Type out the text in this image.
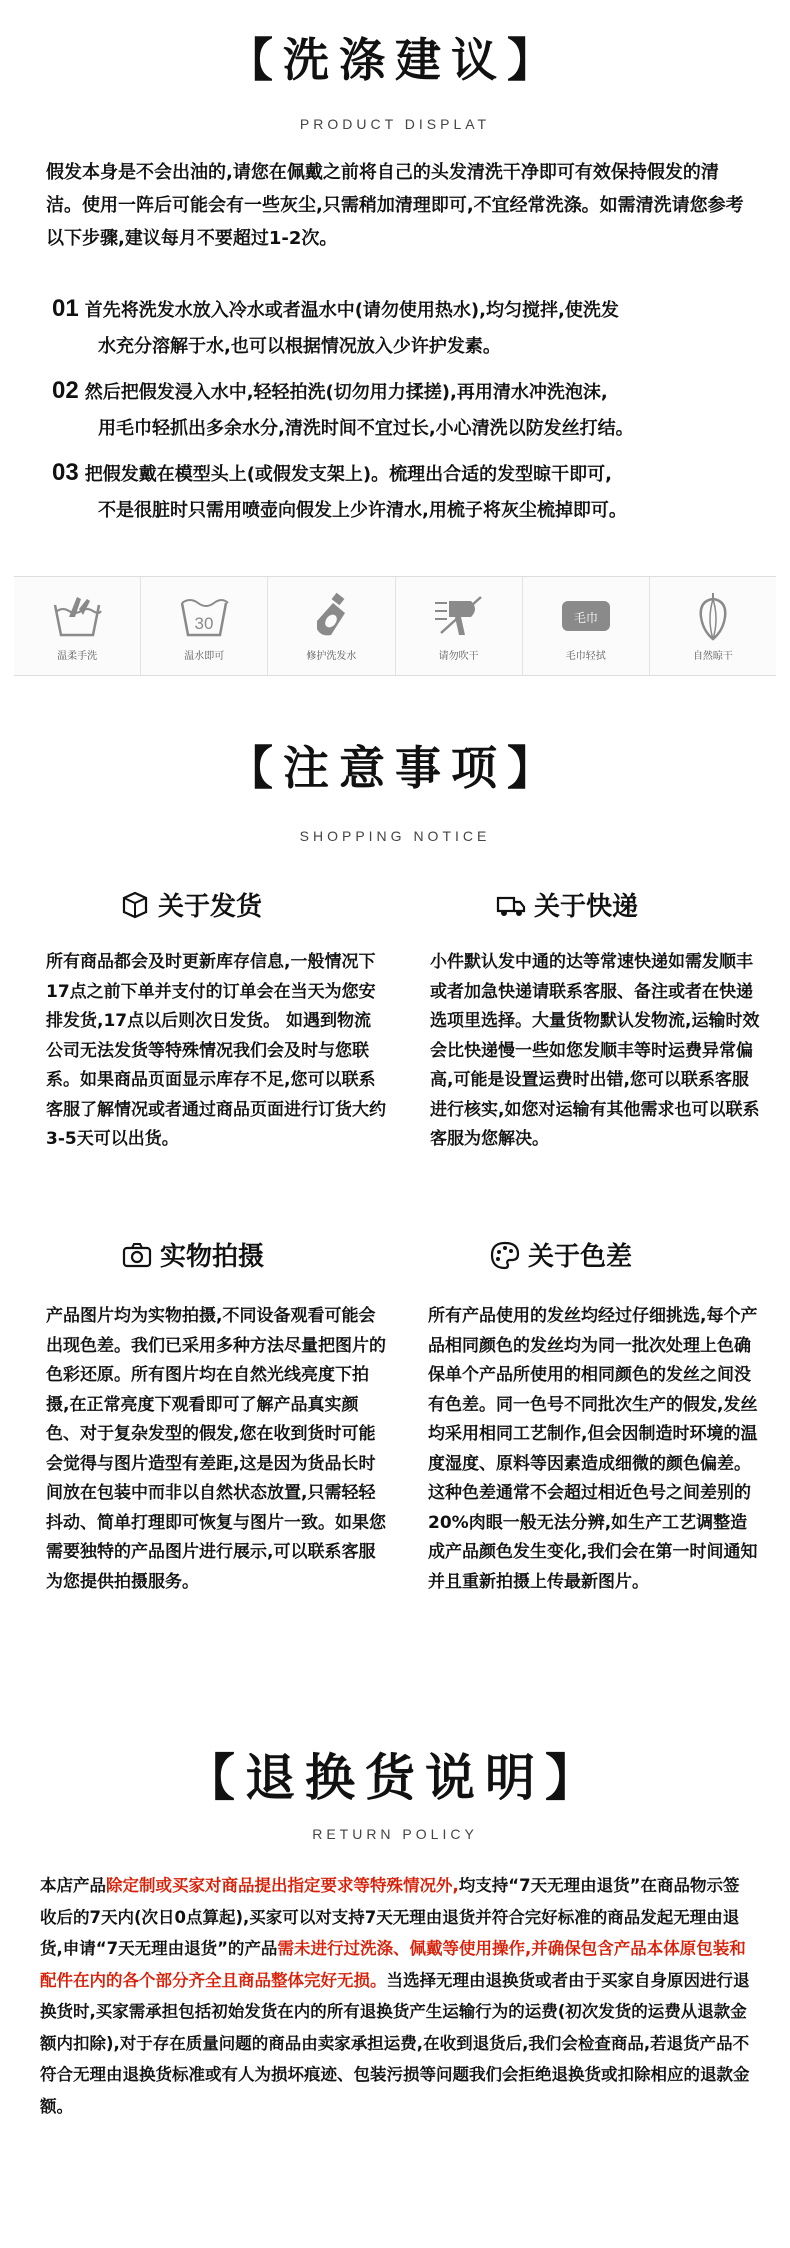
【洗涤建议】
PRODUCT DISPLAT
假发本身是不会出油的,请您在佩戴之前将自己的头发清洗干净即可有效保持假发的清洁。使用一阵后可能会有一些灰尘,只需稍加清理即可,不宜经常洗涤。如需清洗请您参考以下步骤,建议每月不要超过1-2次。
01 首先将洗发水放入冷水或者温水中(请勿使用热水),均匀搅拌,使洗发
水充分溶解于水,也可以根据情况放入少许护发素。
02 然后把假发浸入水中,轻轻拍洗(切勿用力揉搓),再用清水冲洗泡沫,
用毛巾轻抓出多余水分,清洗时间不宜过长,小心清洗以防发丝打结。
03 把假发戴在模型头上(或假发支架上)。梳理出合适的发型晾干即可,
不是很脏时只需用喷壶向假发上少许清水,用梳子将灰尘梳掉即可。
温柔手洗
30
温水即可	修护洗发水	请勿吹干
毛巾
毛巾轻拭	自然晾干
【注意事项】
SHOPPING NOTICE
关于发货
所有商品都会及时更新库存信息,一般情况下17点之前下单并支付的订单会在当天为您安排发货,17点以后则次日发货。 如遇到物流公司无法发货等特殊情况我们会及时与您联系。如果商品页面显示库存不足,您可以联系客服了解情况或者通过商品页面进行订货大约3-5天可以出货。
关于快递
小件默认发中通的达等常速快递如需发顺丰或者加急快递请联系客服、备注或者在快递选项里选择。大量货物默认发物流,运输时效会比快递慢一些如您发顺丰等时运费异常偏高,可能是设置运费时出错,您可以联系客服进行核实,如您对运输有其他需求也可以联系客服为您解决。
实物拍摄
产品图片均为实物拍摄,不同设备观看可能会出现色差。我们已采用多种方法尽量把图片的色彩还原。所有图片均在自然光线亮度下拍摄,在正常亮度下观看即可了解产品真实颜色、对于复杂发型的假发,您在收到货时可能会觉得与图片造型有差距,这是因为货品长时间放在包装中而非以自然状态放置,只需轻轻抖动、简单打理即可恢复与图片一致。如果您需要独特的产品图片进行展示,可以联系客服为您提供拍摄服务。
关于色差
所有产品使用的发丝均经过仔细挑选,每个产品相同颜色的发丝均为同一批次处理上色确保单个产品所使用的相同颜色的发丝之间没有色差。同一色号不同批次生产的假发,发丝均采用相同工艺制作,但会因制造时环境的温度湿度、原料等因素造成细微的颜色偏差。这种色差通常不会超过相近色号之间差别的20%肉眼一般无法分辨,如生产工艺调整造成产品颜色发生变化,我们会在第一时间通知并且重新拍摄上传最新图片。
【退换货说明】
RETURN POLICY
本店产品除定制或买家对商品提出指定要求等特殊情况外,均支持“7天无理由退货”在商品物示签收后的7天内(次日0点算起),买家可以对支持7天无理由退货并符合完好标准的商品发起无理由退货,申请“7天无理由退货”的产品需未进行过洗涤、佩戴等使用操作,并确保包含产品本体原包装和配件在内的各个部分齐全且商品整体完好无损。当选择无理由退换货或者由于买家自身原因进行退换货时,买家需承担包括初始发货在内的所有退换货产生运输行为的运费(初次发货的运费从退款金额内扣除),对于存在质量问题的商品由卖家承担运费,在收到退货后,我们会检查商品,若退货产品不符合无理由退换货标准或有人为损坏痕迹、包装污损等问题我们会拒绝退换货或扣除相应的退款金额。
